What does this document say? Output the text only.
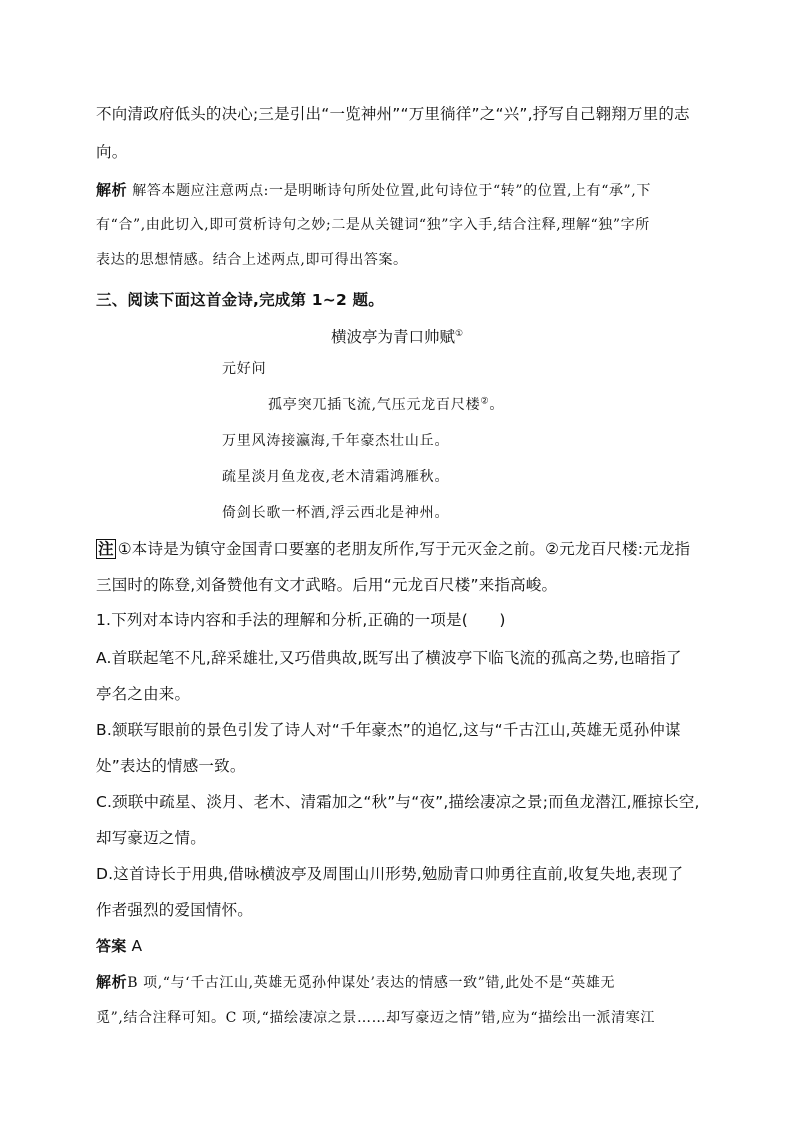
不向清政府低头的决心;三是引出“一览神州”“万里徜徉”之“兴”,抒写自己翱翔万里的志
向。
解析 解答本题应注意两点:一是明晰诗句所处位置,此句诗位于“转”的位置,上有“承”,下
有“合”,由此切入,即可赏析诗句之妙;二是从关键词“独”字入手,结合注释,理解“独”字所
表达的思想情感。结合上述两点,即可得出答案。
三、阅读下面这首金诗,完成第 1~2 题。
横波亭为青口帅赋①
元好问
孤亭突兀插飞流,气压元龙百尺楼②。
万里风涛接瀛海,千年豪杰壮山丘。
疏星淡月鱼龙夜,老木清霜鸿雁秋。
倚剑长歌一杯酒,浮云西北是神州。
注 ①本诗是为镇守金国青口要塞的老朋友所作,写于元灭金之前。②元龙百尺楼:元龙指
三国时的陈登,刘备赞他有文才武略。后用“元龙百尺楼”来指高峻。
1.下列对本诗内容和手法的理解和分析,正确的一项是(　　)
A.首联起笔不凡,辞采雄壮,又巧借典故,既写出了横波亭下临飞流的孤高之势,也暗指了
亭名之由来。
B.颔联写眼前的景色引发了诗人对“千年豪杰”的追忆,这与“千古江山,英雄无觅孙仲谋
处”表达的情感一致。
C.颈联中疏星、淡月、老木、清霜加之“秋”与“夜”,描绘凄凉之景;而鱼龙潜江,雁掠长空,
却写豪迈之情。
D.这首诗长于用典,借咏横波亭及周围山川形势,勉励青口帅勇往直前,收复失地,表现了
作者强烈的爱国情怀。
答案 A
解析B 项,“与‘千古江山,英雄无觅孙仲谋处’表达的情感一致”错,此处不是“英雄无
觅”,结合注释可知。C 项,“描绘凄凉之景……却写豪迈之情”错,应为“描绘出一派清寒江
